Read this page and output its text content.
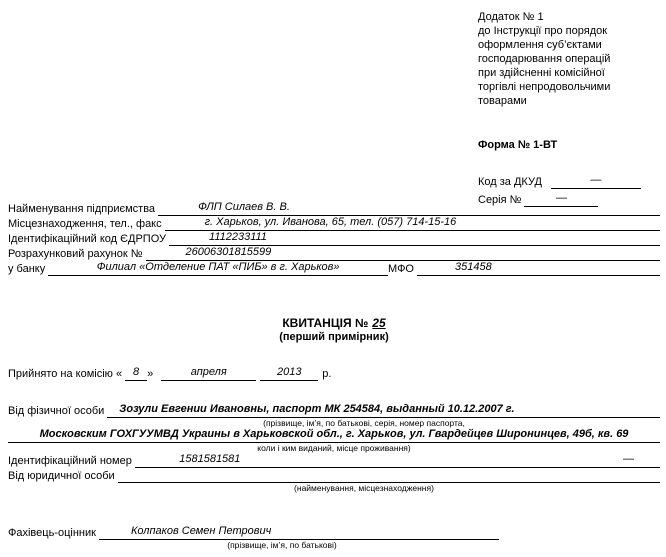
Додаток № 1
до Інструкції про порядок
оформлення суб’єктами
господарювання операцій
при здійсненні комісійної
торгівлі непродовольчими
товарами
Форма № 1-ВТ
Код за ДКУД	—
Серія №	—
Найменування підприємства	ФЛП Силаев В. В.
Місцезнаходження, тел., факс	г. Харьков, ул. Иванова, 65, тел. (057) 714-15-16
Ідентифікаційний код ЄДРПОУ	1112233111
Розрахунковий рахунок №	26006301815599
у банку	Филиал «Отделение ПАТ «ПИБ» в г. Харьков»	МФО	351458
КВИТАНЦІЯ № 25
(перший примірник)
Прийнято на комісію « 8 »	апреля	2013	р.
Від фізичної особи	Зозули Евгении Ивановны, паспорт МК 254584, выданный 10.12.2007 г.
(прізвище, ім’я, по батькові, серія, номер паспорта,
Московским ГОХГУУМВД Украины в Харьковской обл., г. Харьков, ул. Гвардейцев Широнинцев, 49б, кв. 69
коли і ким виданий, місце проживання)
Ідентифікаційний номер	1581581581	—
Від юридичної особи
(найменування, місцезнаходження)
Фахівець-оцінник	Колпаков Семен Петрович
(прізвище, ім’я, по батькові)
